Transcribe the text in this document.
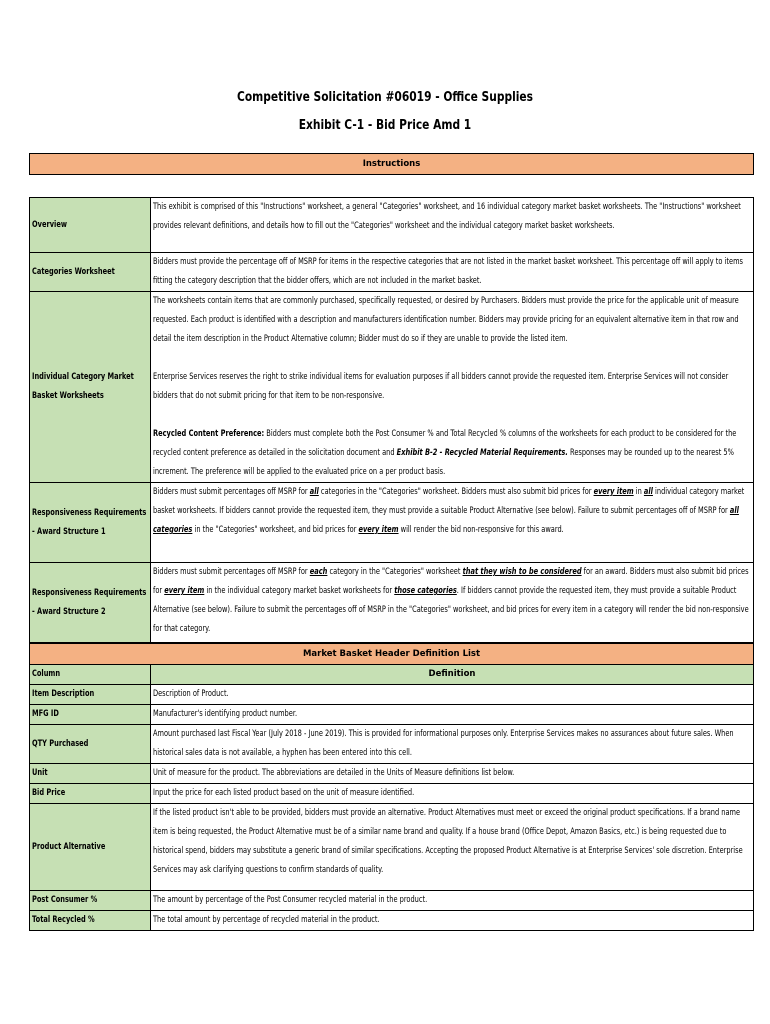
Competitive Solicitation #06019 - Office Supplies
Exhibit C-1 - Bid Price Amd 1
Instructions	

Overview	This exhibit is comprised of this "Instructions" worksheet, a general "Categories" worksheet, and 16 individual category market basket worksheets. The "Instructions" worksheet provides relevant definitions, and details how to fill out the "Categories" worksheet and the individual category market basket worksheets.
Categories Worksheet	Bidders must provide the percentage off of MSRP for items in the respective categories that are not listed in the market basket worksheet. This percentage off will apply to items fitting the category description that the bidder offers, which are not included in the market basket.
Individual Category Market Basket Worksheets	The worksheets contain items that are commonly purchased, specifically requested, or desired by Purchasers. Bidders must provide the price for the applicable unit of measure requested. Each product is identified with a description and manufacturers identification number. Bidders may provide pricing for an equivalent alternative item in that row and detail the item description in the Product Alternative column; Bidder must do so if they are unable to provide the listed item.

Enterprise Services reserves the right to strike individual items for evaluation purposes if all bidders cannot provide the requested item. Enterprise Services will not consider bidders that do not submit pricing for that item to be non-responsive.

Recycled Content Preference: Bidders must complete both the Post Consumer % and Total Recycled % columns of the worksheets for each product to be considered for the recycled content preference as detailed in the solicitation document and Exhibit B-2 - Recycled Material Requirements. Responses may be rounded up to the nearest 5% increment. The preference will be applied to the evaluated price on a per product basis.
Responsiveness Requirements - Award Structure 1	Bidders must submit percentages off MSRP for all categories in the "Categories" worksheet. Bidders must also submit bid prices for every item in all individual category market basket worksheets. If bidders cannot provide the requested item, they must provide a suitable Product Alternative (see below). Failure to submit percentages off of MSRP for all categories in the "Categories" worksheet, and bid prices for every item will render the bid non-responsive for this award.
Responsiveness Requirements - Award Structure 2	Bidders must submit percentages off MSRP for each category in the "Categories" worksheet that they wish to be considered for an award. Bidders must also submit bid prices for every item in the individual category market basket worksheets for those categories. If bidders cannot provide the requested item, they must provide a suitable Product Alternative (see below). Failure to submit the percentages off of MSRP in the "Categories" worksheet, and bid prices for every item in a category will render the bid non-responsive for that category.
Market Basket Header Definition List	
Column	Definition
Item Description	Description of Product.
MFG ID	Manufacturer's identifying product number.
QTY Purchased	Amount purchased last Fiscal Year (July 2018 - June 2019). This is provided for informational purposes only. Enterprise Services makes no assurances about future sales. When historical sales data is not available, a hyphen has been entered into this cell.
Unit	Unit of measure for the product. The abbreviations are detailed in the Units of Measure definitions list below.
Bid Price	Input the price for each listed product based on the unit of measure identified.
Product Alternative	If the listed product isn't able to be provided, bidders must provide an alternative. Product Alternatives must meet or exceed the original product specifications. If a brand name item is being requested, the Product Alternative must be of a similar name brand and quality. If a house brand (Office Depot, Amazon Basics, etc.) is being requested due to historical spend, bidders may substitute a generic brand of similar specifications. Accepting the proposed Product Alternative is at Enterprise Services' sole discretion. Enterprise Services may ask clarifying questions to confirm standards of quality.
Post Consumer %	The amount by percentage of the Post Consumer recycled material in the product.
Total Recycled %	The total amount by percentage of recycled material in the product.
